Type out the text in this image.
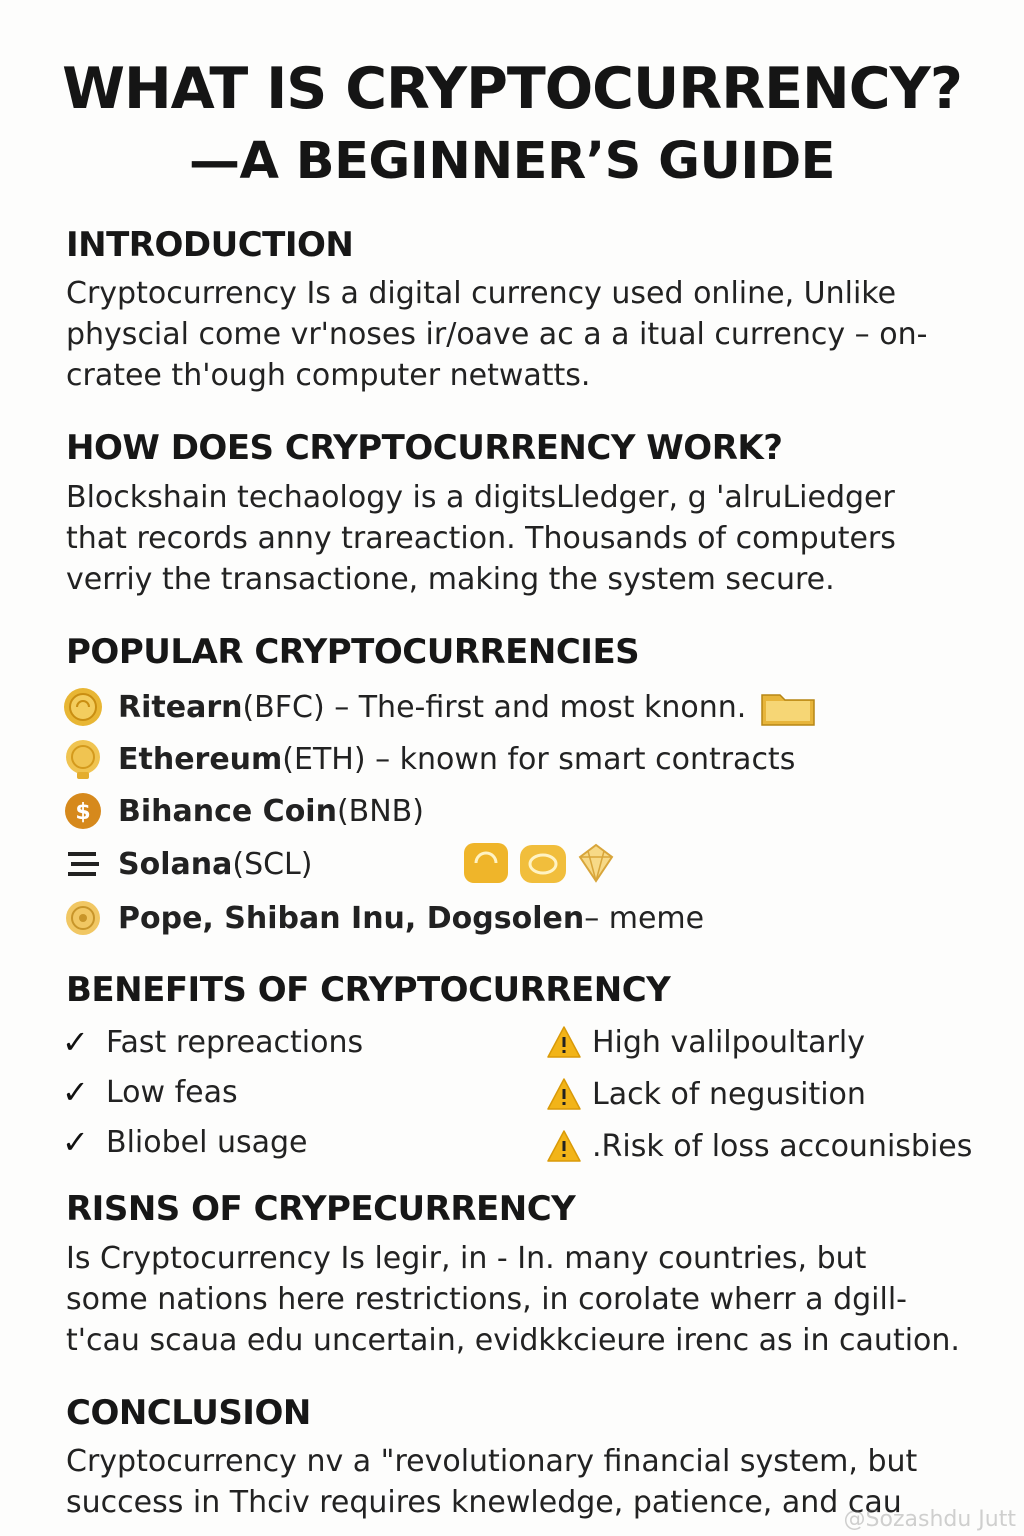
WHAT IS CRYPTOCURRENCY?
—A BEGINNER’S GUIDE
INTRODUCTION
Cryptocurrency Is a digital currency used online, Unlike
physcial come vr'noses ir/oave ac a a itual currency – on-
cratee th'ough computer netwatts.
HOW DOES CRYPTOCURRENCY WORK?
Blockshain techaology is a digitsLledger, g 'alruLiedger
that records anny trareaction. Thousands of computers
verriy the transactione, making the system secure.
POPULAR CRYPTOCURRENCIES
Ritearn (BFC) – The-first and most knonn.
Ethereum (ETH) – known for smart contracts
$ Bihance Coin (BNB)
Solana (SCL)
Pope, Shiban Inu, Dogsolen – meme
BENEFITS OF CRYPTOCURRENCY
✓ Fast repreactions
✓ Low feas
✓ Bliobel usage
High valilpoultarly
Lack of negusition
.Risk of loss accounisbies
RISNS OF CRYPECURRENCY
Is Cryptocurrency Is legir, in - In. many countries, but
some nations here restrictions, in corolate wherr a dgill-
t'cau scaua edu uncertain, evidkkcieure irenc as in caution.
CONCLUSION
Cryptocurrency nv a "revolutionary financial system, but
success in Thciv requires knewledge, patience, and cau
@Sozashdu Jutt
